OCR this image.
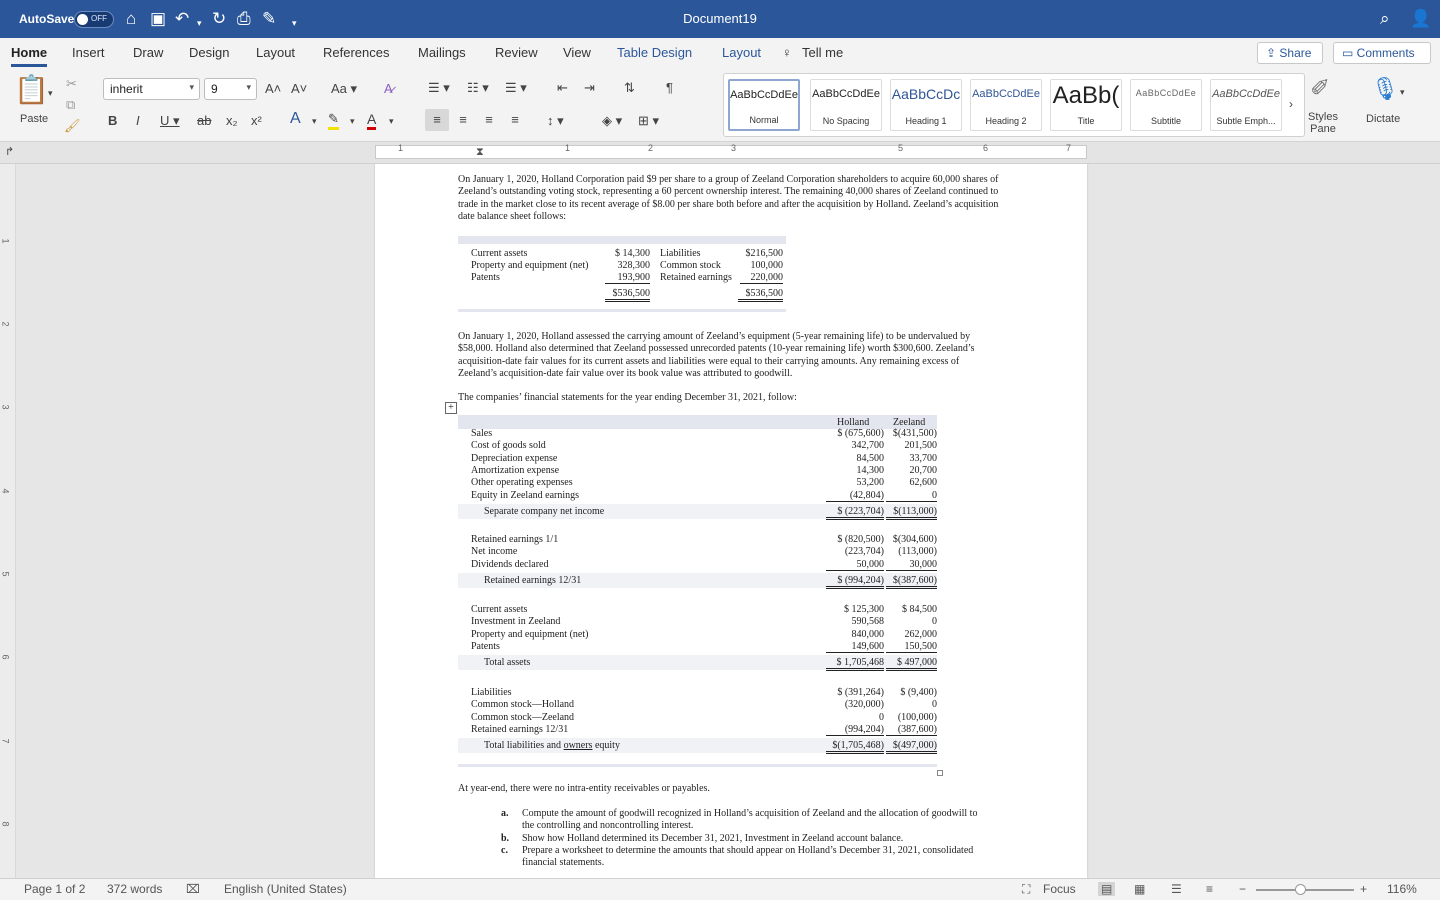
AutoSave OFF ⌂ ▣ ↶ ▾ ↻ ⎙ ✎ ▾	Document19	⌕ 👤
Home Insert Draw Design Layout References Mailings Review View Table Design Layout ♀ Tell me	⇪ Share	▭ Comments
📋 ▾
Paste
✂
⧉
🖌
inherit	▾	9	▾ A˄ A˅ Aa ▾ A̷
B I U ▾ ab x₂ x² A ▾ ✎ ▾ A ▾
☰ ▾ ☷ ▾ ☰ ▾ ⇤ ⇥ ⇅ ¶
≡	≡	≡	≡	↕ ▾	◈ ▾ ⊞ ▾
AaBbCcDdEe
Normal
AaBbCcDdEe
No Spacing
AaBbCcDc
Heading 1
AaBbCcDdEe
Heading 2
AaBb(
Title
AaBbCcDdEe
Subtitle
AaBbCcDdEe
Subtle Emph...
›
✐
Styles Pane
🎙 ▾
Dictate
↱	1	1	2	3	5	6	7
⧗
1
2
3
4
5
6
7
8
On January 1, 2020, Holland Corporation paid $9 per share to a group of Zeeland Corporation shareholders to acquire 60,000 shares of Zeeland’s outstanding voting stock, representing a 60 percent ownership interest. The remaining 40,000 shares of Zeeland continued to trade in the market close to its recent average of $8.00 per share both before and after the acquisition by Holland. Zeeland’s acquisition date balance sheet follows:
Current assets	$ 14,300 Liabilities	$216,500
Property and equipment (net)	328,300 Common stock	100,000
Patents	193,900 Retained earnings	220,000
$536,500	$536,500
On January 1, 2020, Holland assessed the carrying amount of Zeeland’s equipment (5-year remaining life) to be undervalued by $58,000. Holland also determined that Zeeland possessed unrecorded patents (10-year remaining life) worth $300,600. Zeeland’s acquisition-date fair values for its current assets and liabilities were equal to their carrying amounts. Any remaining excess of Zeeland’s acquisition-date fair value over its book value was attributed to goodwill.
The companies’ financial statements for the year ending December 31, 2021, follow:
+
Holland Zeeland
Sales	$ (675,600) $(431,500)
Cost of goods sold	342,700	201,500
Depreciation expense	84,500	33,700
Amortization expense	14,300	20,700
Other operating expenses	53,200	62,600
Equity in Zeeland earnings	(42,804)	0
Separate company net income	$ (223,704) $(113,000)
Retained earnings 1/1	$ (820,500) $(304,600)
Net income	(223,704)	(113,000)
Dividends declared	50,000	30,000
Retained earnings 12/31	$ (994,204) $(387,600)
Current assets	$ 125,300	$ 84,500
Investment in Zeeland	590,568	0
Property and equipment (net)	840,000	262,000
Patents	149,600	150,500
Total assets	$ 1,705,468	$ 497,000
Liabilities	$ (391,264)	$ (9,400)
Common stock—Holland	(320,000)	0
Common stock—Zeeland	0	(100,000)
Retained earnings 12/31	(994,204)	(387,600)
Total liabilities and owners equity	$(1,705,468) $(497,000)
At year-end, there were no intra-entity receivables or payables.
a. Compute the amount of goodwill recognized in Holland’s acquisition of Zeeland and the allocation of goodwill to the controlling and noncontrolling interest.
b. Show how Holland determined its December 31, 2021, Investment in Zeeland account balance.
c. Prepare a worksheet to determine the amounts that should appear on Holland’s December 31, 2021, consolidated financial statements.
Page 1 of 2 372 words ⌧ English (United States)	⛶ Focus ▤ ▦ ☰ ≡ −	+ 116%
